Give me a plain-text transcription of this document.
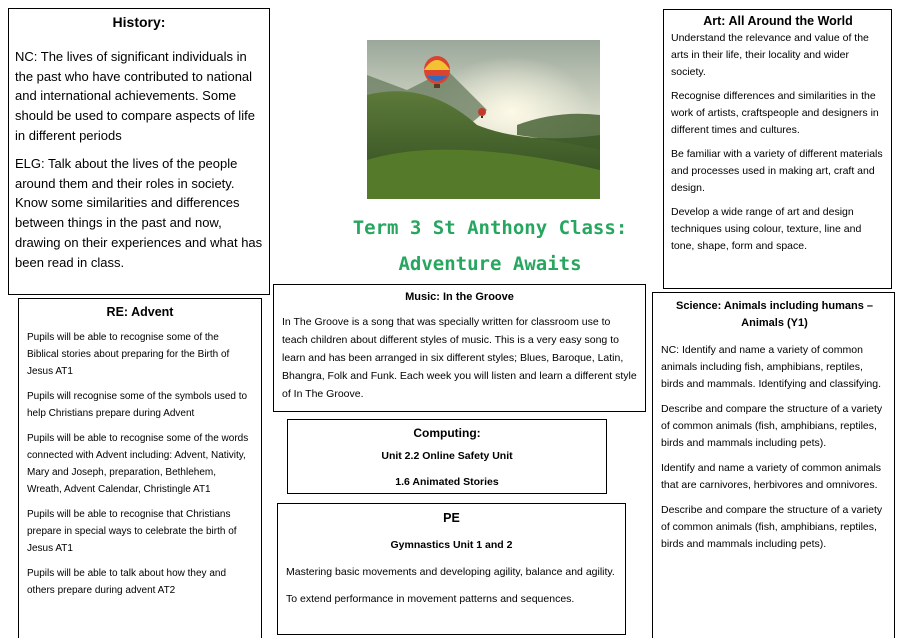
History:

NC: The lives of significant individuals in the past who have contributed to national and international achievements. Some should be used to compare aspects of life in different periods

ELG: Talk about the lives of the people around them and their roles in society. Know some similarities and differences between things in the past and now, drawing on their experiences and what has been read in class.

Term 3 St Anthony Class:
Adventure Awaits
Art: All Around the World

Understand the relevance and value of the arts in their life, their locality and wider society.

Recognise differences and similarities in the work of artists, craftspeople and designers in different times and cultures.

Be familiar with a variety of different materials and processes used in making art, craft and design.

Develop a wide range of art and design techniques using colour, texture, line and tone, shape, form and space.

RE: Advent

Pupils will be able to recognise some of the Biblical stories about preparing for the Birth of Jesus AT1

Pupils will recognise some of the symbols used to help Christians prepare during Advent

Pupils will be able to recognise some of the words connected with Advent including: Advent, Nativity, Mary and Joseph, preparation, Bethlehem, Wreath, Advent Calendar, Christingle AT1

Pupils will be able to recognise that Christians prepare in special ways to celebrate the birth of Jesus AT1

Pupils will be able to talk about how they and others prepare during advent AT2

Music: In the Groove

In The Groove is a song that was specially written for classroom use to teach children about different styles of music. This is a very easy song to learn and has been arranged in six different styles; Blues, Baroque, Latin, Bhangra, Folk and Funk. Each week you will listen and learn a different style of In The Groove.

Computing:
Unit 2.2 Online Safety Unit
1.6 Animated Stories
PE
Gymnastics Unit 1 and 2

Mastering basic movements and developing agility, balance and agility.

To extend performance in movement patterns and sequences.

Science: Animals including humans – Animals (Y1)

NC: Identify and name a variety of common animals including fish, amphibians, reptiles, birds and mammals. Identifying and classifying.

Describe and compare the structure of a variety of common animals (fish, amphibians, reptiles, birds and mammals including pets).

Identify and name a variety of common animals that are carnivores, herbivores and omnivores.

Describe and compare the structure of a variety of common animals (fish, amphibians, reptiles, birds and mammals including pets).
